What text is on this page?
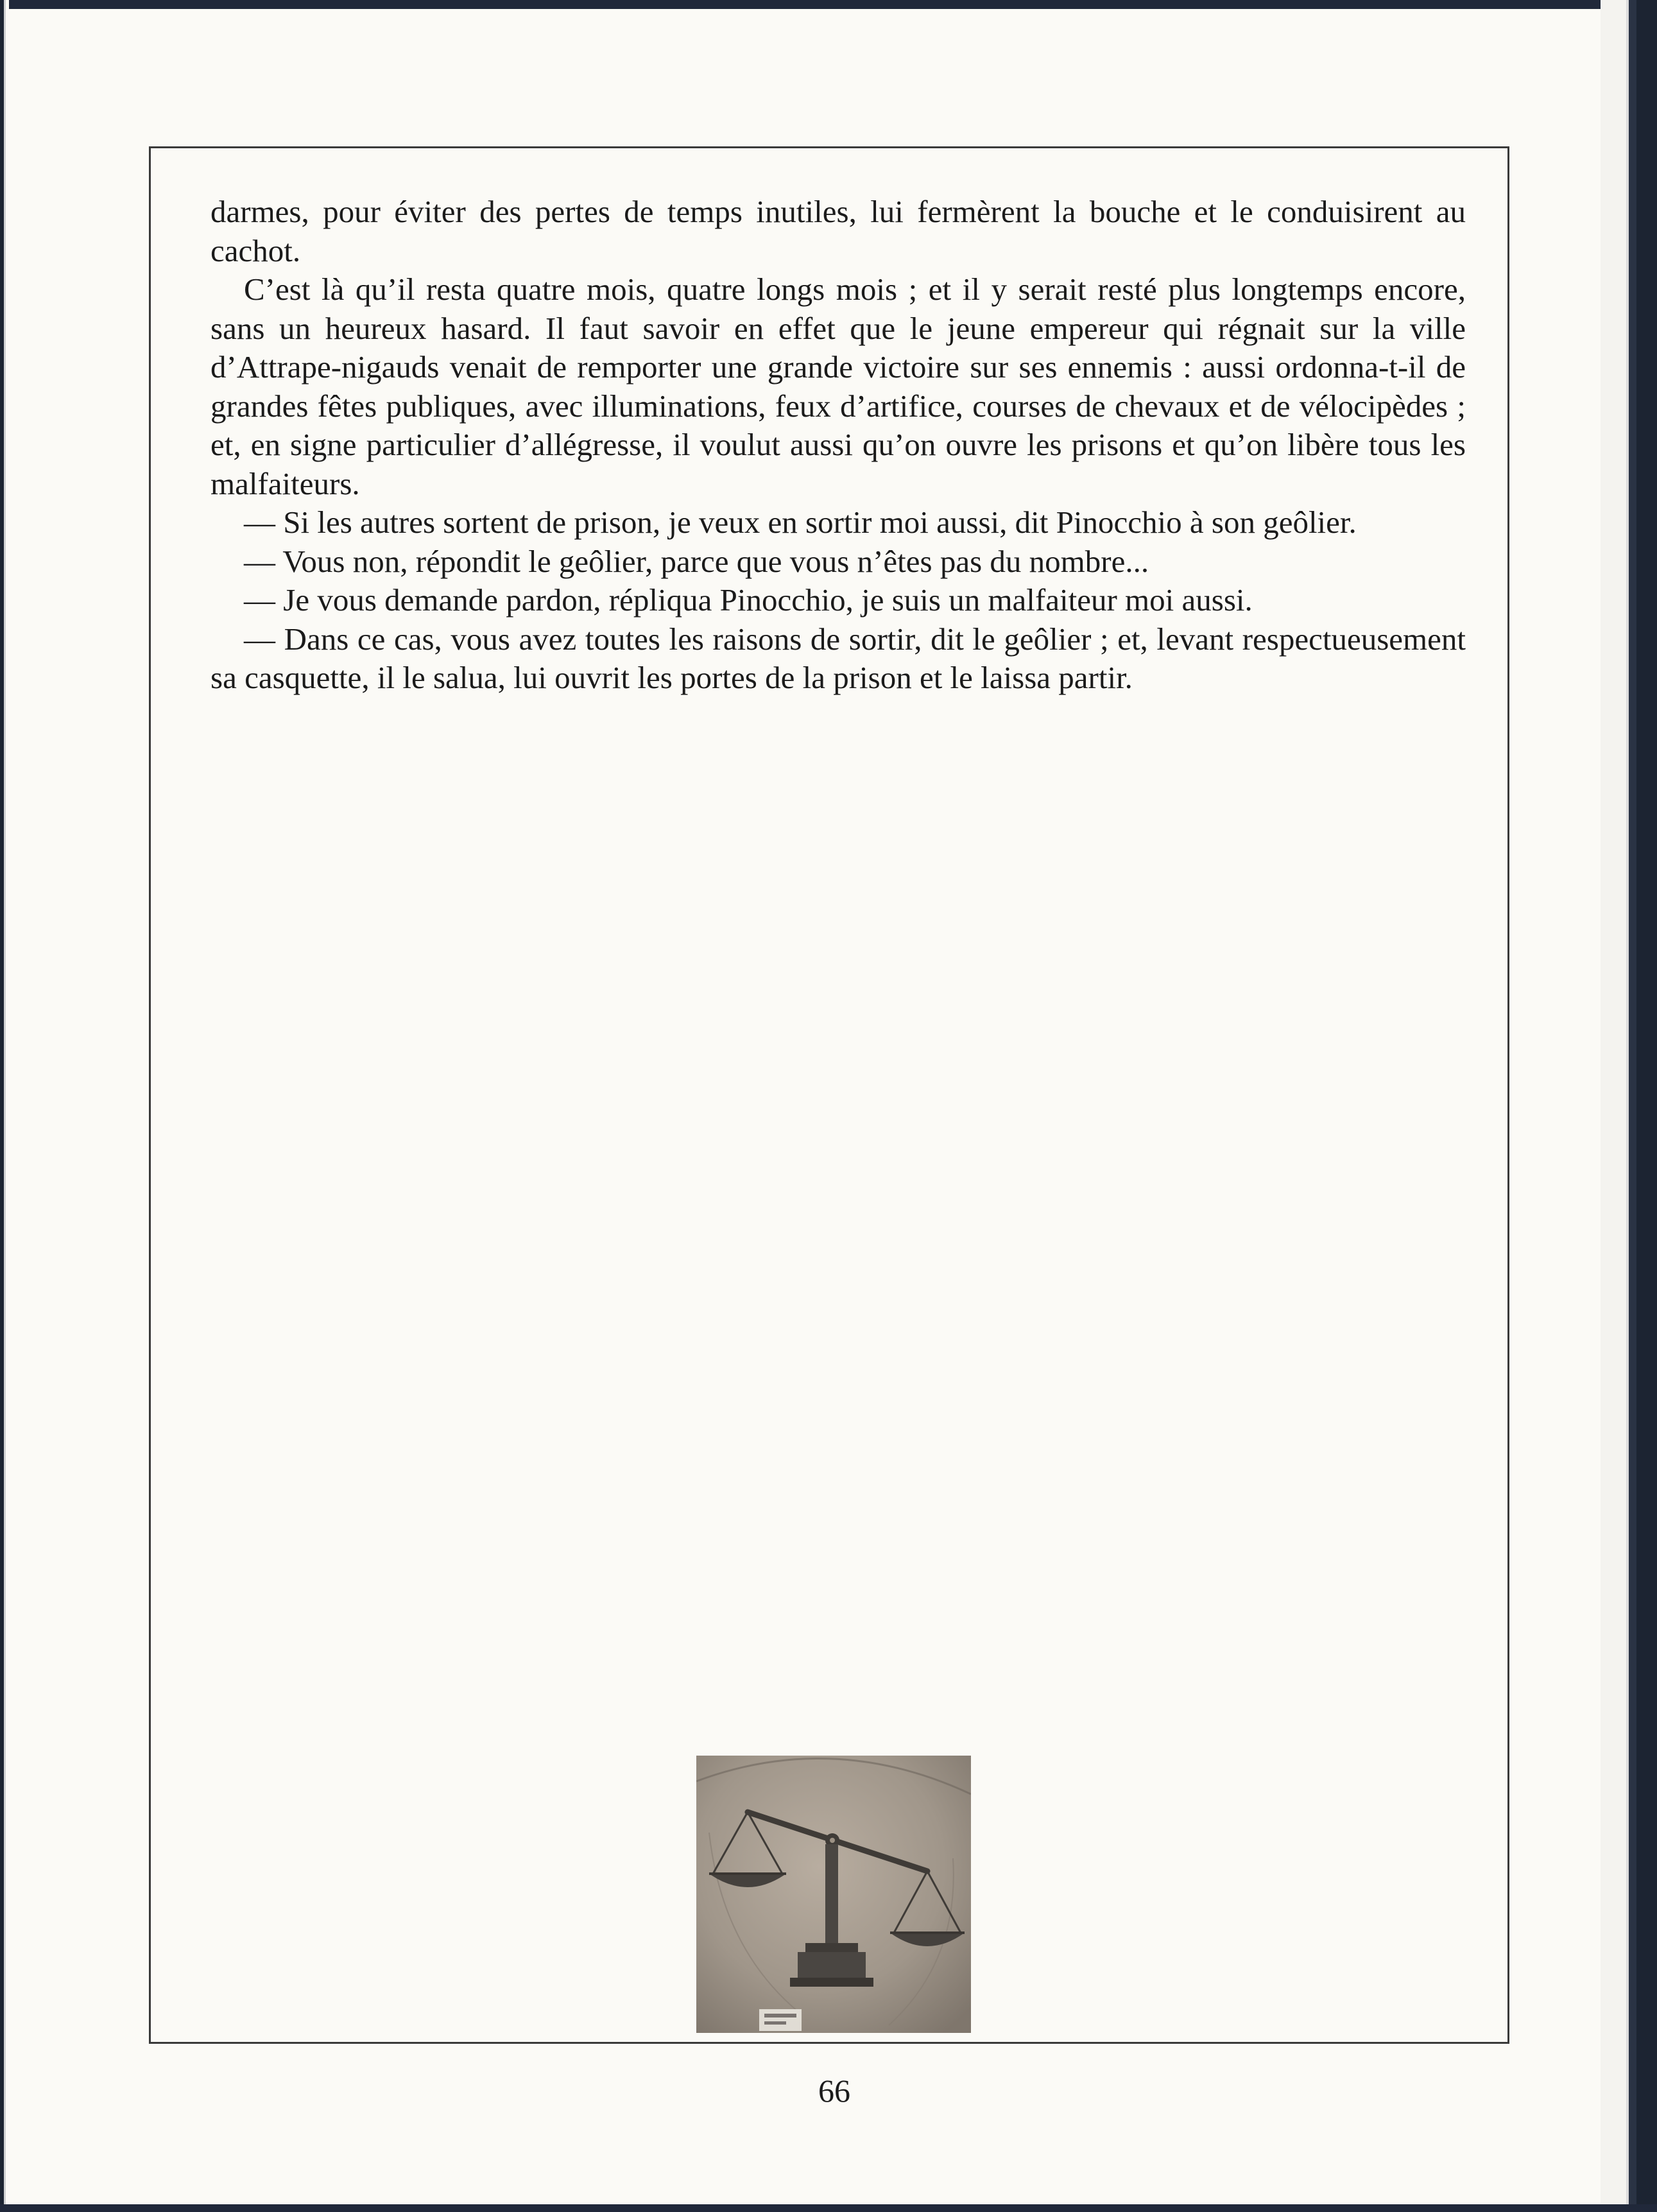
darmes, pour éviter des pertes de temps inutiles, lui fermèrent la bouche et le conduisirent au cachot.

C’est là qu’il resta quatre mois, quatre longs mois ; et il y serait resté plus longtemps encore, sans un heureux hasard. Il faut savoir en effet que le jeune empereur qui régnait sur la ville d’Attrape-nigauds venait de remporter une grande victoire sur ses ennemis : aussi ordonna-t-il de grandes fêtes publiques, avec illuminations, feux d’artifice, courses de chevaux et de vélocipèdes ; et, en signe particulier d’allégresse, il voulut aussi qu’on ouvre les prisons et qu’on libère tous les malfaiteurs.

— Si les autres sortent de prison, je veux en sortir moi aussi, dit Pinocchio à son geôlier.

— Vous non, répondit le geôlier, parce que vous n’êtes pas du nombre...

— Je vous demande pardon, répliqua Pinocchio, je suis un malfaiteur moi aussi.

— Dans ce cas, vous avez toutes les raisons de sortir, dit le geôlier ; et, levant respectueusement sa casquette, il le salua, lui ouvrit les portes de la prison et le laissa partir.

66
